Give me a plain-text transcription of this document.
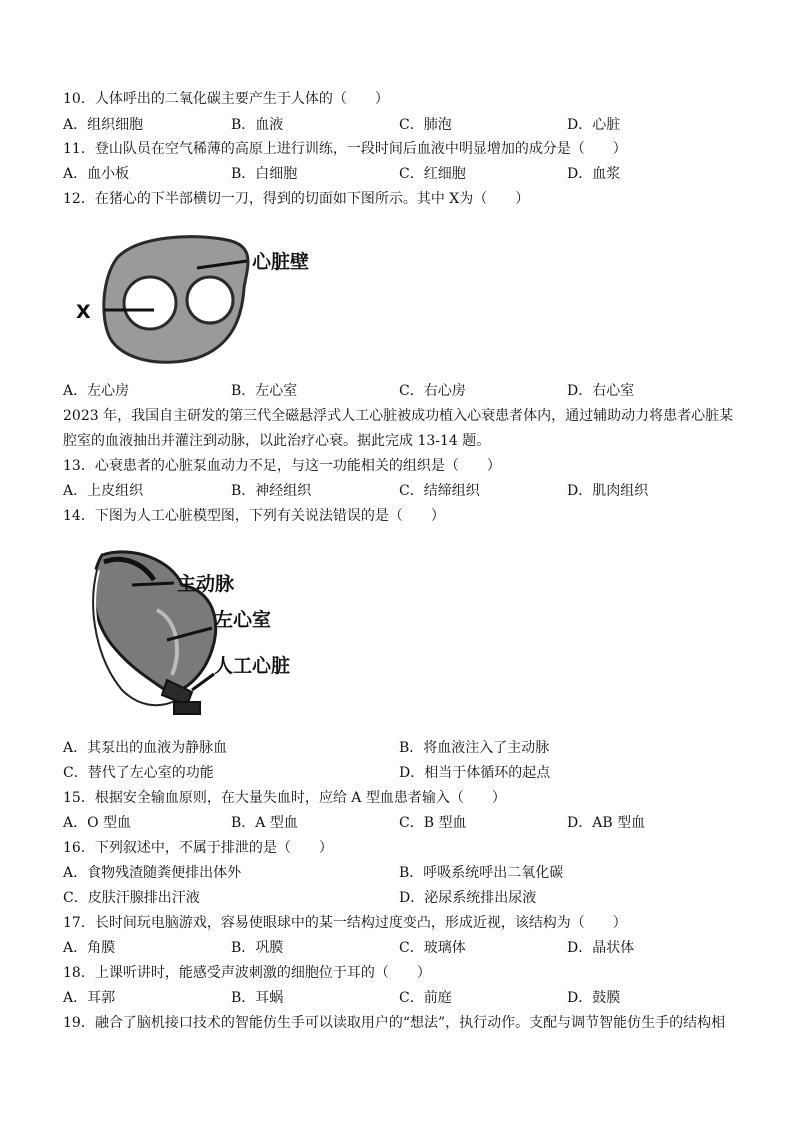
10．人体呼出的二氧化碳主要产生于人体的（　　）
A．组织细胞	B．血液	C．肺泡	D．心脏
11．登山队员在空气稀薄的高原上进行训练，一段时间后血液中明显增加的成分是（　　）
A．血小板	B．白细胞	C．红细胞	D．血浆
12．在猪心的下半部横切一刀，得到的切面如下图所示。其中 X为（　　）
心脏壁
X
A．左心房	B．左心室	C．右心房	D．右心室
2023 年，我国自主研发的第三代全磁悬浮式人工心脏被成功植入心衰患者体内，通过辅助动力将患者心脏某
腔室的血液抽出并灌注到动脉，以此治疗心衰。据此完成 13-14 题。
13．心衰患者的心脏泵血动力不足，与这一功能相关的组织是（　　）
A．上皮组织	B．神经组织	C．结缔组织	D．肌肉组织
14．下图为人工心脏模型图，下列有关说法错误的是（　　）
主动脉
左心室
人工心脏
A．其泵出的血液为静脉血	B．将血液注入了主动脉
C．替代了左心室的功能	D．相当于体循环的起点
15．根据安全输血原则，在大量失血时，应给 A 型血患者输入（　　）
A．O 型血	B．A 型血	C．B 型血	D．AB 型血
16．下列叙述中，不属于排泄的是（　　）
A．食物残渣随粪便排出体外	B．呼吸系统呼出二氧化碳
C．皮肤汗腺排出汗液	D．泌尿系统排出尿液
17．长时间玩电脑游戏，容易使眼球中的某一结构过度变凸，形成近视，该结构为（　　）
A．角膜	B．巩膜	C．玻璃体	D．晶状体
18．上课听讲时，能感受声波刺激的细胞位于耳的（　　）
A．耳郭	B．耳蜗	C．前庭	D．鼓膜
19．融合了脑机接口技术的智能仿生手可以读取用户的“想法”，执行动作。支配与调节智能仿生手的结构相
